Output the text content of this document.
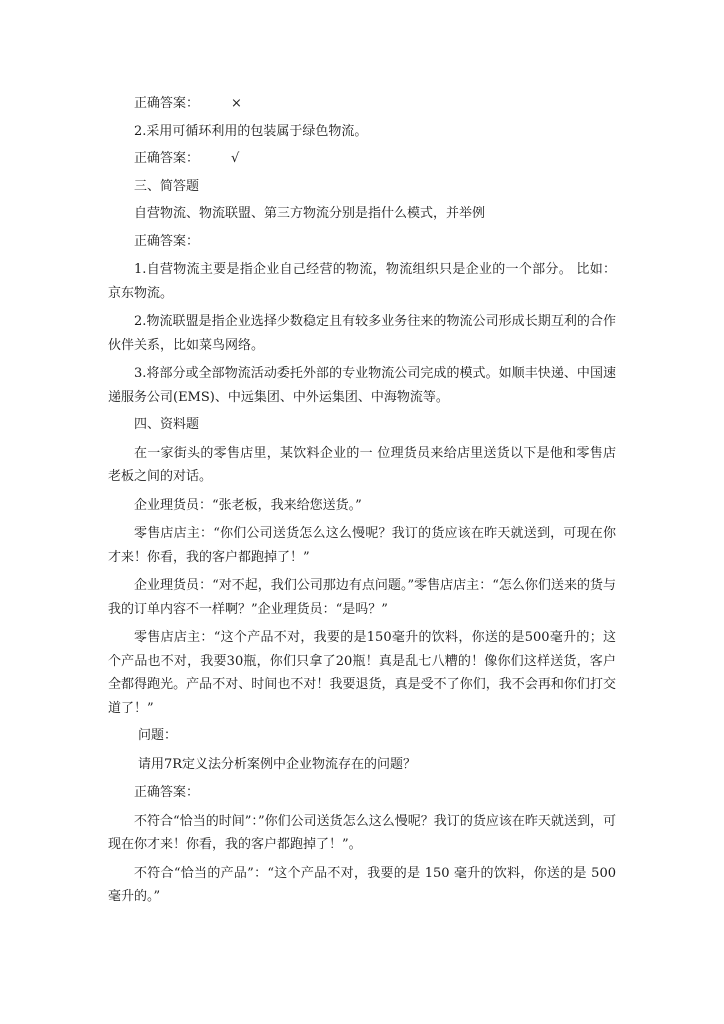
正确答案： ×

2.采用可循环利用的包装属于绿色物流。

正确答案： √

三、简答题

自营物流、物流联盟、第三方物流分别是指什么模式，并举例

正确答案：

1.自营物流主要是指企业自己经营的物流，物流组织只是企业的一个部分。 比如：京东物流。

2.物流联盟是指企业选择少数稳定且有较多业务往来的物流公司形成长期互利的合作伙伴关系，比如菜鸟网络。

3.将部分或全部物流活动委托外部的专业物流公司完成的模式。如顺丰快递、中国速递服务公司(EMS)、中远集团、中外运集团、中海物流等。

四、资料题

在一家街头的零售店里，某饮料企业的一 位理货员来给店里送货以下是他和零售店老板之间的对话。

企业理货员：“张老板，我来给您送货。”

零售店店主：“你们公司送货怎么这么慢呢？我订的货应该在昨天就送到，可现在你才来！你看，我的客户都跑掉了！”

企业理货员：“对不起，我们公司那边有点问题。”零售店店主：“怎么你们送来的货与我的订单内容不一样啊？”企业理货员：“是吗？”

零售店店主：“这个产品不对，我要的是150毫升的饮料，你送的是500毫升的；这个产品也不对，我要30瓶，你们只拿了20瓶！真是乱七八糟的！像你们这样送货，客户全都得跑光。产品不对、时间也不对！我要退货，真是受不了你们，我不会再和你们打交道了！”

问题：

请用7R定义法分析案例中企业物流存在的问题？

正确答案：

不符合“恰当的时间”：”你们公司送货怎么这么慢呢？我订的货应该在昨天就送到，可现在你才来！你看，我的客户都跑掉了！”。

不符合“恰当的产品”：“这个产品不对，我要的是 150 毫升的饮料，你送的是 500毫升的。”
